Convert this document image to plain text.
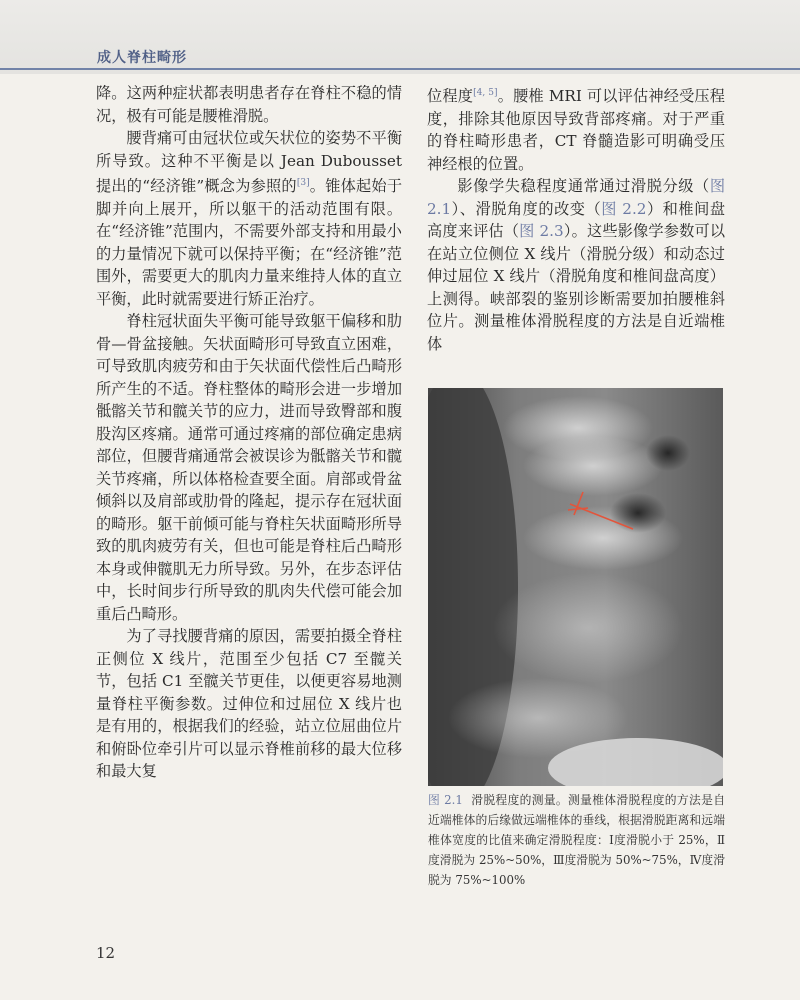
成人脊柱畸形

降。这两种症状都表明患者存在脊柱不稳的情况，极有可能是腰椎滑脱。

腰背痛可由冠状位或矢状位的姿势不平衡所导致。这种不平衡是以 Jean Dubousset 提出的“经济锥”概念为参照的[3]。锥体起始于脚并向上展开，所以躯干的活动范围有限。在“经济锥”范围内，不需要外部支持和用最小的力量情况下就可以保持平衡；在“经济锥”范围外，需要更大的肌肉力量来维持人体的直立平衡，此时就需要进行矫正治疗。

脊柱冠状面失平衡可能导致躯干偏移和肋骨—骨盆接触。矢状面畸形可导致直立困难，可导致肌肉疲劳和由于矢状面代偿性后凸畸形所产生的不适。脊柱整体的畸形会进一步增加骶髂关节和髋关节的应力，进而导致臀部和腹股沟区疼痛。通常可通过疼痛的部位确定患病部位，但腰背痛通常会被误诊为骶髂关节和髋关节疼痛，所以体格检查要全面。肩部或骨盆倾斜以及肩部或肋骨的隆起，提示存在冠状面的畸形。躯干前倾可能与脊柱矢状面畸形所导致的肌肉疲劳有关，但也可能是脊柱后凸畸形本身或伸髋肌无力所导致。另外，在步态评估中，长时间步行所导致的肌肉失代偿可能会加重后凸畸形。

为了寻找腰背痛的原因，需要拍摄全脊柱正侧位 X 线片，范围至少包括 C7 至髋关节，包括 C1 至髋关节更佳，以便更容易地测量脊柱平衡参数。过伸位和过屈位 X 线片也是有用的，根据我们的经验，站立位屈曲位片和俯卧位牵引片可以显示脊椎前移的最大位移和最大复

位程度[4, 5]。腰椎 MRI 可以评估神经受压程度，排除其他原因导致背部疼痛。对于严重的脊柱畸形患者，CT 脊髓造影可明确受压神经根的位置。

影像学失稳程度通常通过滑脱分级（图 2.1）、滑脱角度的改变（图 2.2）和椎间盘高度来评估（图 2.3）。这些影像学参数可以在站立位侧位 X 线片（滑脱分级）和动态过伸过屈位 X 线片（滑脱角度和椎间盘高度）上测得。峡部裂的鉴别诊断需要加拍腰椎斜位片。测量椎体滑脱程度的方法是自近端椎体

图 2.1 滑脱程度的测量。测量椎体滑脱程度的方法是自近端椎体的后缘做远端椎体的垂线，根据滑脱距离和远端椎体宽度的比值来确定滑脱程度：Ⅰ度滑脱小于 25%，Ⅱ度滑脱为 25%~50%，Ⅲ度滑脱为 50%~75%，Ⅳ度滑脱为 75%~100%
12
